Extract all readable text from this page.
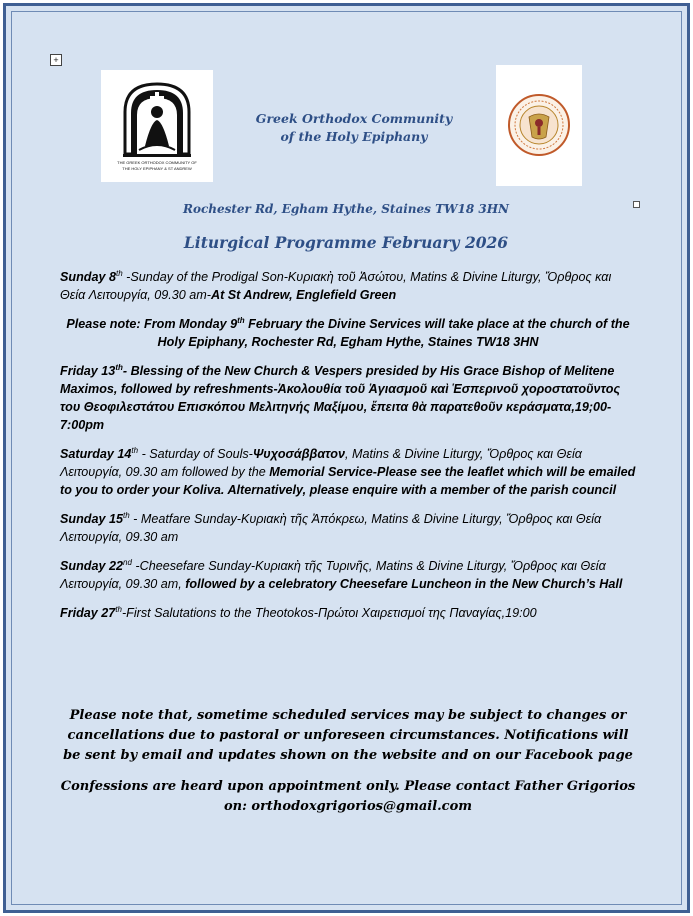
+
THE GREEK ORTHODOX COMMUNITY OF
THE HOLY EPIPHANY & ST ANDREW
Greek Orthodox Community
of the Holy Epiphany
Rochester Rd, Egham Hythe, Staines TW18 3HN
Liturgical Programme February 2026

Sunday 8th -Sunday of the Prodigal Son-Κυριακὴ τοῦ Ἀσώτου, Matins & Divine Liturgy, Ὄρθρος και Θεία Λειτουργία, 09.30 am-At St Andrew, Englefield Green

Please note: From Monday 9th February the Divine Services will take place at the church of the Holy Epiphany, Rochester Rd, Egham Hythe, Staines TW18 3HN

Friday 13th- Blessing of the New Church & Vespers presided by His Grace Bishop of Melitene Maximos, followed by refreshments-Ἀκολουθία τοῦ Ἁγιασμοῦ καὶ Ἑσπερινοῦ χοροστατοῦντος του Θεοφιλεστάτου Επισκόπου Μελιτηνής Μαξίμου, ἔπειτα θὰ παρατεθοῦν κεράσματα,19;00-7:00pm

Saturday 14th - Saturday of Souls-Ψυχοσάββατον, Matins & Divine Liturgy, Ὄρθρος και Θεία Λειτουργία, 09.30 am followed by the Memorial Service-Please see the leaflet which will be emailed to you to order your Koliva. Alternatively, please enquire with a member of the parish council

Sunday 15th - Meatfare Sunday-Κυριακὴ τῆς Ἀπόκρεω, Matins & Divine Liturgy, Ὄρθρος και Θεία Λειτουργία, 09.30 am

Sunday 22nd -Cheesefare Sunday-Κυριακὴ τῆς Τυρινῆς, Matins & Divine Liturgy, Ὄρθρος και Θεία Λειτουργία, 09.30 am, followed by a celebratory Cheesefare Luncheon in the New Church’s Hall

Friday 27th-First Salutations to the Theotokos-Πρώτοι Χαιρετισμοί της Παναγίας,19:00

Please note that, sometime scheduled services may be subject to changes or cancellations due to pastoral or unforeseen circumstances. Notifications will be sent by email and updates shown on the website and on our Facebook page

Confessions are heard upon appointment only. Please contact Father Grigorios on: orthodoxgrigorios@gmail.com
